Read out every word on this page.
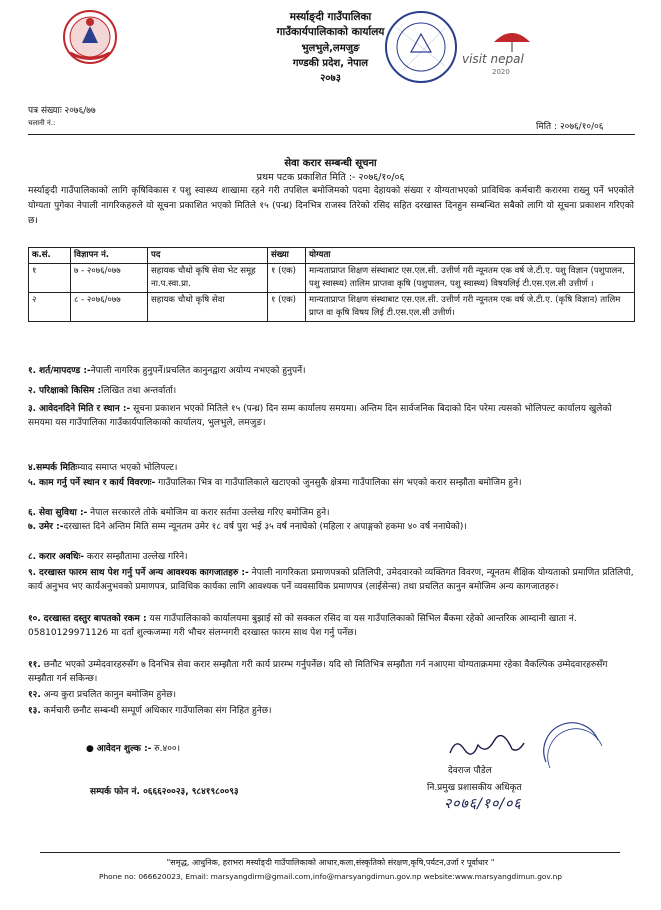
मर्स्याङ्दी गाउँपालिका
गाउँकार्यपालिकाको कार्यालय
भुलभुले,लमजुङ
गण्डकी प्रदेश, नेपाल
२०७३
visit nepal
2020
पत्र संख्याः २०७६/७७
चलानी नं.:	मिति : २०७६/१०/०६
सेवा करार सम्बन्धी सूचना
प्रथम पटक प्रकाशित मिति :- २०७६/१०/०६
मर्स्याङ्दी गाउँपालिकाको लागि कृषिविकास र पशु स्वास्थ्य शाखामा रहने गरी तपशिल बमोजिमको पदमा देहायको संख्या र योग्यताभएको प्राविधिक कर्मचारी करारमा राख्नु पर्ने भएकोले योग्यता पुगेका नेपाली नागरिकहरुले यो सूचना प्रकाशित भएको मितिले १५ (पन्ध्र) दिनभित्र राजस्व तिरेको रसिद सहित दरखास्त दिनहुन सम्बन्धित सबैको लागि यो सूचना प्रकाशन गरिएको छ।
क.सं.	विज्ञापन नं.	पद	संख्या	योग्यता
१	७ - २०७६/०७७	सहायक चौथो कृषि सेवा भेट समूह ना.प.स्वा.प्रा.	१ (एक)	मान्यताप्राप्त शिक्षण संस्थाबाट एस.एल.सी. उत्तीर्ण गरी न्यूनतम एक वर्ष जे.टी.ए. पशु विज्ञान (पशुपालन, पशु स्वास्थ्य) तालिम प्राप्तवा कृषि (पशुपालन, पशु स्वास्थ्य) विषयलिई टी.एस.एल.सी उत्तीर्ण ।
२	८ - २०७६/०७७	सहायक चौथो कृषि सेवा	१ (एक)	मान्यताप्राप्त शिक्षण संस्थाबाट एस.एल.सी. उत्तीर्ण गरी न्यूनतम एक वर्ष जे.टी.ए. (कृषि विज्ञान) तालिम प्राप्त वा कृषि विषय लिई टी.एस.एल.सी उत्तीर्ण।
१. शर्त/मापदण्ड :-नेपाली नागरिक हुनुपर्ने।प्रचलित कानुनद्वारा अयोग्य नभएको हुनुपर्ने।
२. परिक्षाको किसिम :लिखित तथा अन्तर्वार्ता।
३. आवेदनदिने मिति र स्थान :- सूचना प्रकाशन भएको मितिले १५ (पन्ध्र) दिन सम्म कार्यालय समयमा। अन्तिम दिन सार्वजनिक बिदाको दिन परेमा त्यसको भोलिपल्ट कार्यालय खुलेको समयमा यस गाउँपालिका गाउँकार्यपालिकाको कार्यालय, भुलभुले, लमजुङ।
४.सम्पर्क मितिःम्याद समाप्त भएको भोलिपल्ट।
५. काम गर्नु पर्ने स्थान र कार्य विवरणः- गाउँपालिका भित्र वा गाउँपालिकाले खटाएको जुनसुकै क्षेत्रमा गाउँपालिका संग भएको करार सम्झौता बमोजिम हुने।
६. सेवा सुविधा :- नेपाल सरकारले तोके बमोजिम वा करार सर्तमा उल्लेख गरिए बमोजिम हुने।
७. उमेर :-दरखास्त दिने अन्तिम मिति सम्म न्यूनतम उमेर १८ वर्ष पुरा भई ३५ वर्ष ननाघेको (महिला र अपाङ्गको हकमा ४० वर्ष ननाघेको)।
८. करार अवधिः- करार सम्झौतामा उल्लेख गरिने।
९. दरखास्त फारम साथ पेश गर्नु पर्ने अन्य आवश्यक कागजातहरु :- नेपाली नागरिकता प्रमाणपत्रको प्रतिलिपी, उमेदवारको व्यक्तिगत विवरण, न्यूनतम शैक्षिक योग्यताको प्रमाणित प्रतिलिपी, कार्य अनुभव भए कार्यअनुभवको प्रमाणपत्र, प्राविधिक कार्यका लागि आवश्यक पर्ने व्यवसायिक प्रमाणपत्र (लाईसेन्स) तथा प्रचलित कानुन बमोजिम अन्य कागजातहरु।
१०. दरखास्त दस्तुर बापतको रकम : यस गाउँपालिकाको कार्यालयमा बुझाई सो को सक्कल रसिद वा यस गाउँपालिकाको सिभिल बैंकमा रहेको आन्तरिक आम्दानी खाता नं. 05810129971126 मा दर्ता शुल्कजम्मा गरी भौचर संलग्नगरी दरखास्त फारम साथ पेश गर्नु पर्नेछ।
११. छनौट भएको उम्मेदवारहरुसँग ७ दिनभित्र सेवा करार सम्झौता गरी कार्य प्रारम्भ गर्नुपर्नेछ। यदि सो मितिभित्र सम्झौता गर्न नआएमा योग्यताक्रममा रहेका वैकल्पिक उम्मेदवारहरुसँग सम्झौता गर्न सकिन्छ।
१२. अन्य कुरा प्रचलित कानुन बमोजिम हुनेछ।
१३. कर्मचारी छनौट सम्बन्धी सम्पूर्ण अधिकार गाउँपालिका संग निहित हुनेछ।
● आवेदन शुल्क :- रु.४००।
सम्पर्क फोन नं. ०६६६२००२३, ९८४१९८००९३
देवराज पौडेल
नि.प्रमुख प्रशासकीय अधिकृत
२०७६/१०/०६
"समृद्ध, आधुनिक, हराभरा मर्स्याङ्दी गाउँपालिकाको आधार,कला,संस्कृतिको संरक्षण,कृषि,पर्यटन,उर्जा र पूर्वाधार "
Phone no: 066620023, Email: marsyangdirm@gmail.com,info@marsyangdimun.gov.np website:www.marsyangdimun.gov.np
